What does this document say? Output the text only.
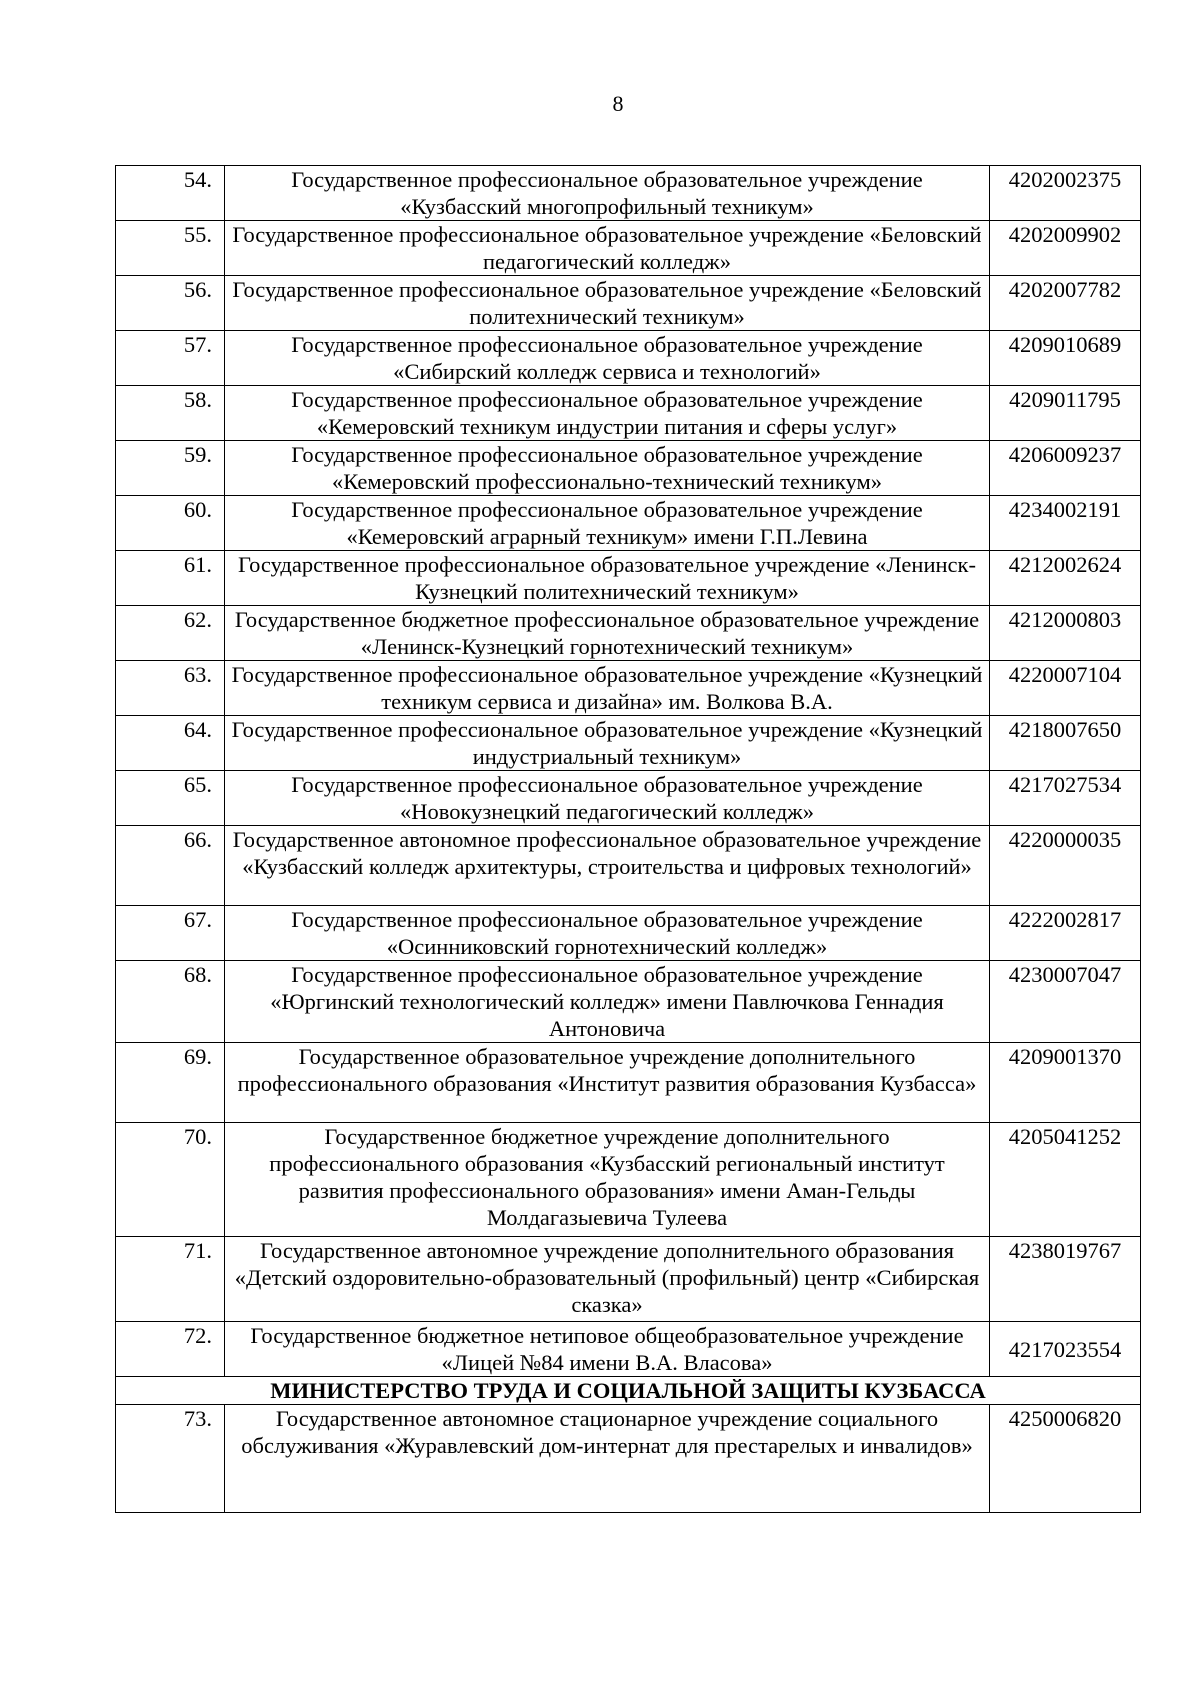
8
54.	Государственное профессиональное образовательное учреждение «Кузбасский многопрофильный техникум»	4202002375
55.	Государственное профессиональное образовательное учреждение «Беловский педагогический колледж»	4202009902
56.	Государственное профессиональное образовательное учреждение «Беловский политехнический техникум»	4202007782
57.	Государственное профессиональное образовательное учреждение «Сибирский колледж сервиса и технологий»	4209010689
58.	Государственное профессиональное образовательное учреждение «Кемеровский техникум индустрии питания и сферы услуг»	4209011795
59.	Государственное профессиональное образовательное учреждение «Кемеровский профессионально-технический техникум»	4206009237
60.	Государственное профессиональное образовательное учреждение «Кемеровский аграрный техникум» имени Г.П.Левина	4234002191
61.	Государственное профессиональное образовательное учреждение «Ленинск-Кузнецкий политехнический техникум»	4212002624
62.	Государственное бюджетное профессиональное образовательное учреждение «Ленинск-Кузнецкий горнотехнический техникум»	4212000803
63.	Государственное профессиональное образовательное учреждение «Кузнецкий техникум сервиса и дизайна» им. Волкова В.А.	4220007104
64.	Государственное профессиональное образовательное учреждение «Кузнецкий индустриальный техникум»	4218007650
65.	Государственное профессиональное образовательное учреждение «Новокузнецкий педагогический колледж»	4217027534
66.	Государственное автономное профессиональное образовательное учреждение «Кузбасский колледж архитектуры, строительства и цифровых технологий»	4220000035
67.	Государственное профессиональное образовательное учреждение «Осинниковский горнотехнический колледж»	4222002817
68.	Государственное профессиональное образовательное учреждение «Юргинский технологический колледж» имени Павлючкова Геннадия Антоновича	4230007047
69.	Государственное образовательное учреждение дополнительного профессионального образования «Институт развития образования Кузбасса»	4209001370
70.	Государственное бюджетное учреждение дополнительного профессионального образования «Кузбасский региональный институт развития профессионального образования» имени Аман-Гельды Молдагазыевича Тулеева	4205041252
71.	Государственное автономное учреждение дополнительного образования «Детский оздоровительно-образовательный (профильный) центр «Сибирская сказка»	4238019767
72.	Государственное бюджетное нетиповое общеобразовательное учреждение «Лицей №84 имени В.А. Власова»	4217023554
МИНИСТЕРСТВО ТРУДА И СОЦИАЛЬНОЙ ЗАЩИТЫ КУЗБАССА		
73.	Государственное автономное стационарное учреждение социального обслуживания «Журавлевский дом-интернат для престарелых и инвалидов»	4250006820
